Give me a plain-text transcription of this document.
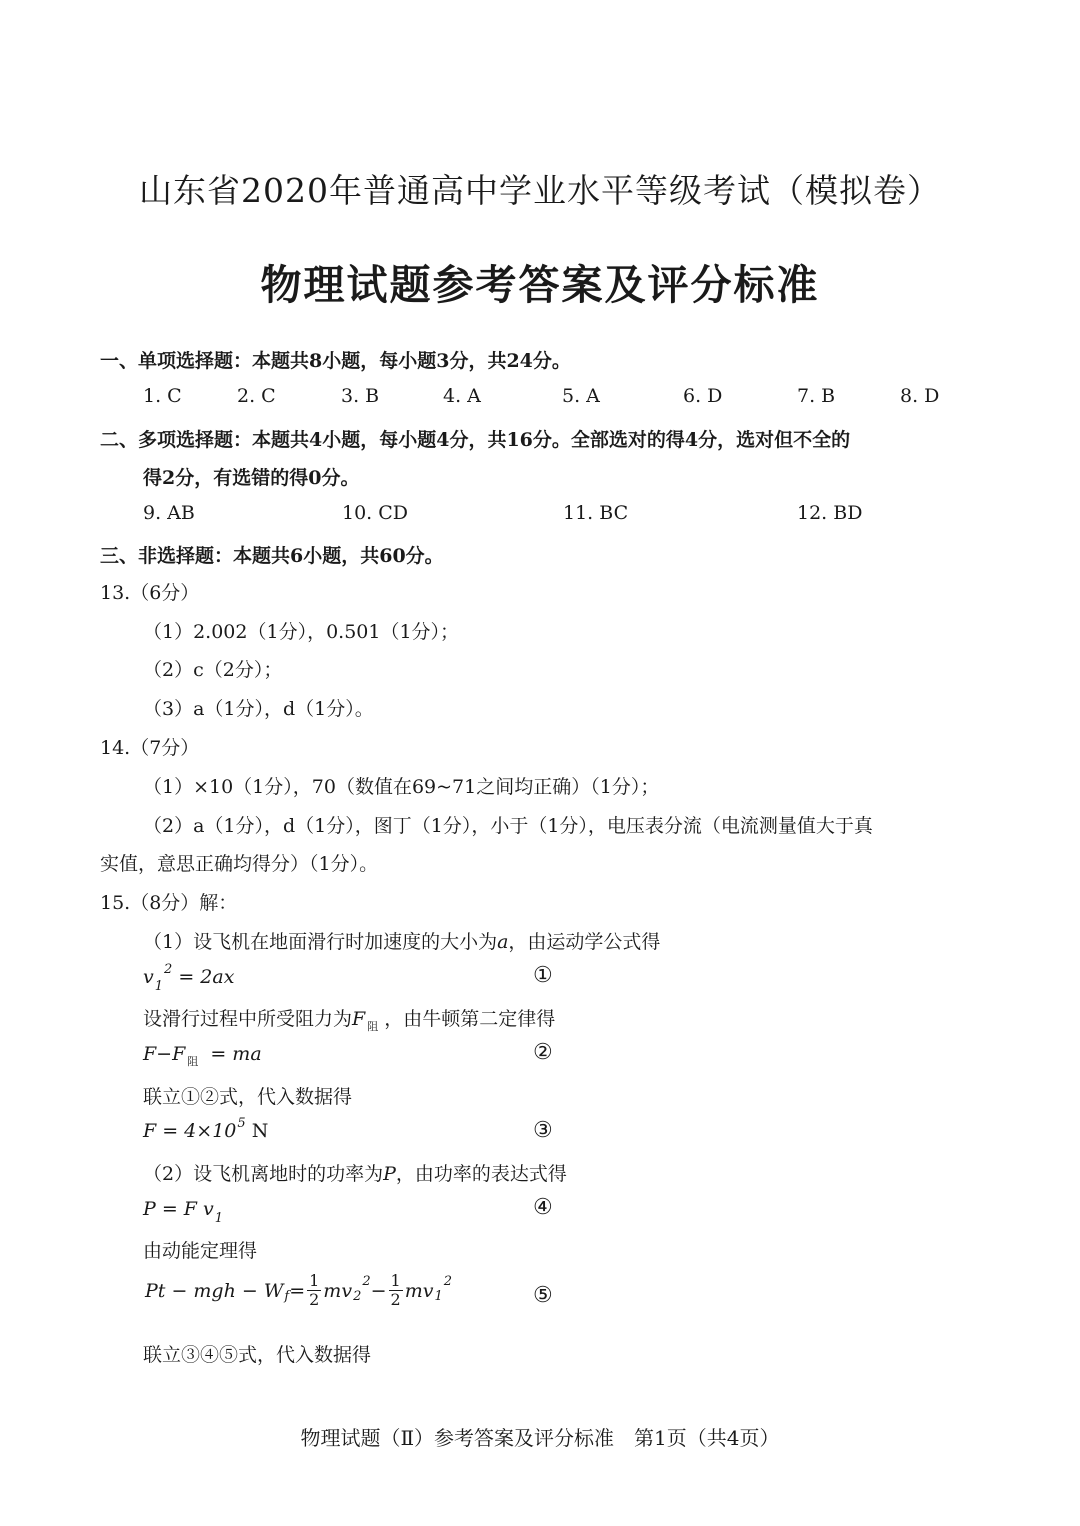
山东省2020年普通高中学业水平等级考试（模拟卷）
物理试题参考答案及评分标准
一、单项选择题：本题共8小题，每小题3分，共24分。
1. C	2. C	3. B	4. A	5. A	6. D	7. B	8. D
二、多项选择题：本题共4小题，每小题4分，共16分。全部选对的得4分，选对但不全的
得2分，有选错的得0分。
9. AB	10. CD	11. BC	12. BD
三、非选择题：本题共6小题，共60分。
13.（6分）
（1）2.002（1分），0.501（1分）；
（2）c（2分）；
（3）a（1分），d（1分）。
14.（7分）
（1）×10（1分），70（数值在69~71之间均正确）（1分）；
（2）a（1分），d（1分），图丁（1分），小于（1分），电压表分流（电流测量值大于真
实值，意思正确均得分）（1分）。
15.（8分）解：
（1）设飞机在地面滑行时加速度的大小为a，由运动学公式得
$v_1^2 = 2ax$	①
设滑行过程中所受阻力为F $_阻$ ，由牛顿第二定律得
F−F $_阻$ = ma	②
联立①②式，代入数据得
$F = 4\times 10^5$ N	③
（2）设飞机离地时的功率为P，由功率的表达式得
P = F $v_1$	④
由动能定理得
Pt − mgh − W $f = \frac{1}{2}$ mv 2
$2 - \frac{1}{2}$ mv 1
2
⑤
联立③④⑤式，代入数据得
物理试题（Ⅱ）参考答案及评分标准　第1页（共4页）
